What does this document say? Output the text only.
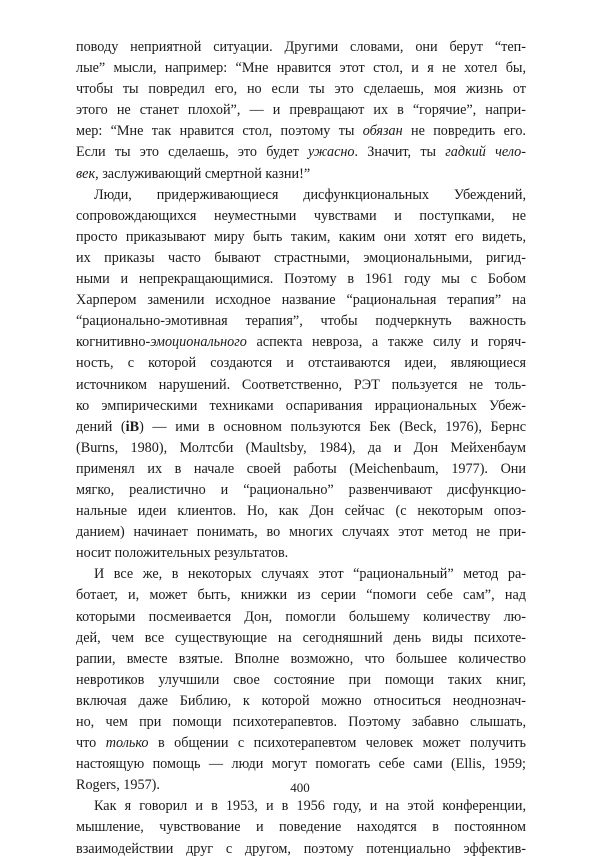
поводу неприятной ситуации. Другими словами, они берут “теп-
лые” мысли, например: “Мне нравится этот стол, и я не хотел бы,
чтобы ты повредил его, но если ты это сделаешь, моя жизнь от
этого не станет плохой”, — и превращают их в “горячие”, напри-
мер: “Мне так нравится стол, поэтому ты обязан не повредить его.
Если ты это сделаешь, это будет ужасно. Значит, ты гадкий чело-
век, заслуживающий смертной казни!”
Люди, придерживающиеся дисфункциональных Убеждений,
сопровождающихся неуместными чувствами и поступками, не
просто приказывают миру быть таким, каким они хотят его видеть,
их приказы часто бывают страстными, эмоциональными, ригид-
ными и непрекращающимися. Поэтому в 1961 году мы с Бобом
Харпером заменили исходное название “рациональная терапия” на
“рационально-эмотивная терапия”, чтобы подчеркнуть важность
когнитивно-эмоционального аспекта невроза, а также силу и горяч-
ность, с которой создаются и отстаиваются идеи, являющиеся
источником нарушений. Соответственно, РЭТ пользуется не толь-
ко эмпирическими техниками оспаривания иррациональных Убеж-
дений (iB) — ими в основном пользуются Бек (Beck, 1976), Бернс
(Burns, 1980), Молтсби (Maultsby, 1984), да и Дон Мейхенбаум
применял их в начале своей работы (Meichenbaum, 1977). Они
мягко, реалистично и “рационально” развенчивают дисфункцио-
нальные идеи клиентов. Но, как Дон сейчас (с некоторым опоз-
данием) начинает понимать, во многих случаях этот метод не при-
носит положительных результатов.
И все же, в некоторых случаях этот “рациональный” метод ра-
ботает, и, может быть, книжки из серии “помоги себе сам”, над
которыми посмеивается Дон, помогли большему количеству лю-
дей, чем все существующие на сегодняшний день виды психоте-
рапии, вместе взятые. Вполне возможно, что большее количество
невротиков улучшили свое состояние при помощи таких книг,
включая даже Библию, к которой можно относиться неоднознач-
но, чем при помощи психотерапевтов. Поэтому забавно слышать,
что только в общении с психотерапевтом человек может получить
настоящую помощь — люди могут помогать себе сами (Ellis, 1959;
Rogers, 1957).
Как я говорил и в 1953, и в 1956 году, и на этой конференции,
мышление, чувствование и поведение находятся в постоянном
взаимодействии друг с другом, поэтому потенциально эффектив-
400
